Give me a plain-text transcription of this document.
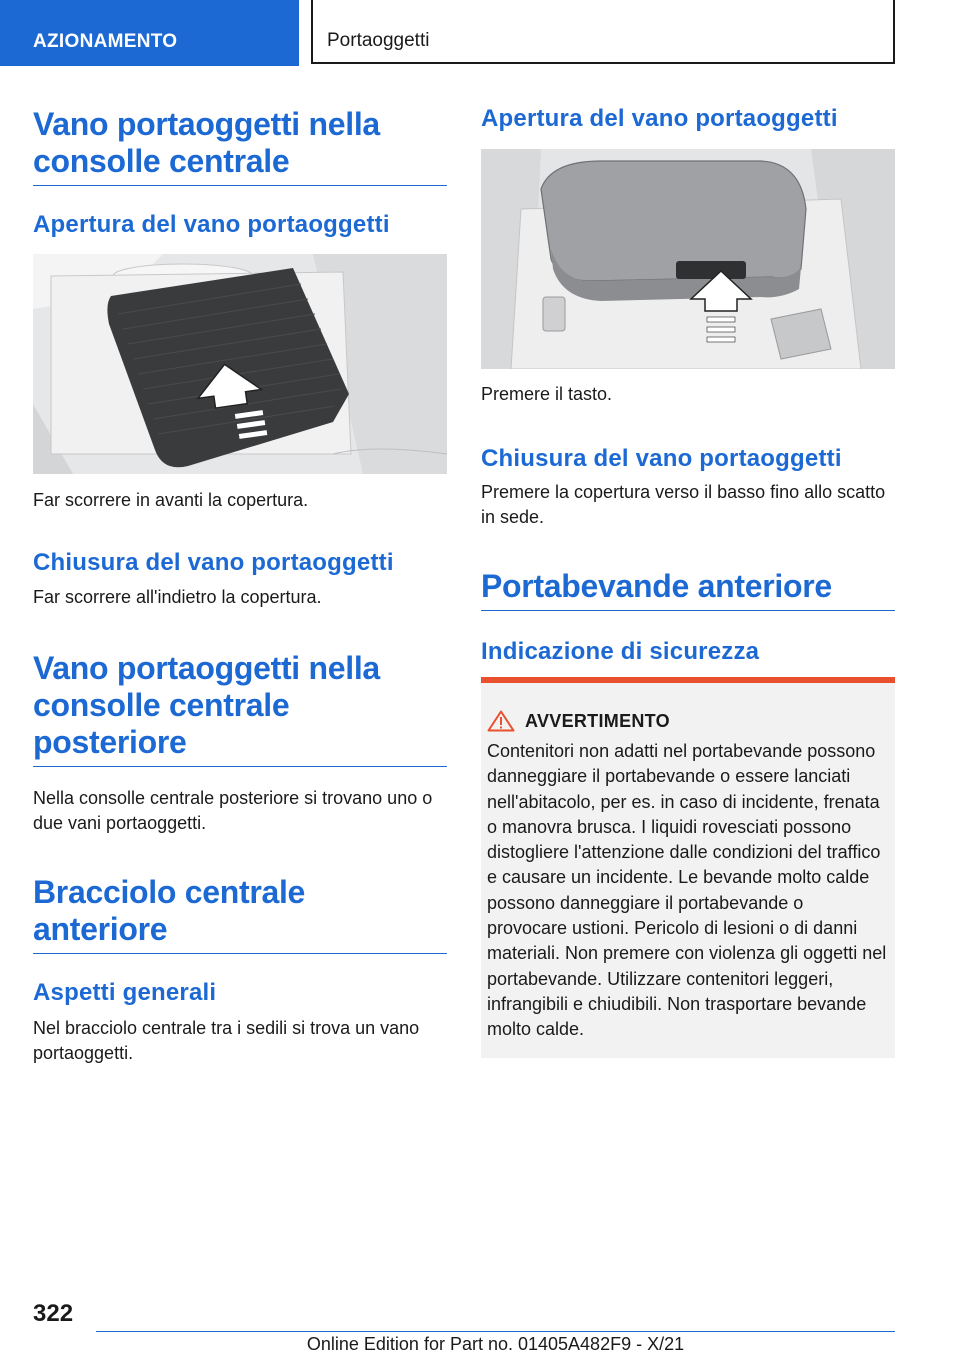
AZIONAMENTO	Portaoggetti
Vano portaoggetti nella consolle centrale
Apertura del vano portaoggetti

Far scorrere in avanti la copertura.

Chiusura del vano portaoggetti

Far scorrere all'indietro la copertura.

Vano portaoggetti nella consolle centrale posteriore

Nella consolle centrale posteriore si trovano uno o due vani portaoggetti.

Bracciolo centrale anteriore
Aspetti generali

Nel bracciolo centrale tra i sedili si trova un vano portaoggetti.

Apertura del vano portaoggetti

Premere il tasto.

Chiusura del vano portaoggetti

Premere la copertura verso il basso fino allo scatto in sede.

Portabevande anteriore
Indicazione di sicurezza
AVVERTIMENTO
Contenitori non adatti nel portabevande possono danneggiare il portabevande o essere lanciati nell'abitacolo, per es. in caso di incidente, frenata o manovra brusca. I liquidi rovesciati possono distogliere l'attenzione dalle condizioni del traffico e causare un incidente. Le bevande molto calde possono danneggiare il portabevande o provocare ustioni. Pericolo di lesioni o di danni materiali. Non premere con violenza gli oggetti nel portabevande. Utilizzare contenitori leggeri, infrangibili e chiudibili. Non trasportare bevande molto calde.
322
Online Edition for Part no. 01405A482F9 - X/21
